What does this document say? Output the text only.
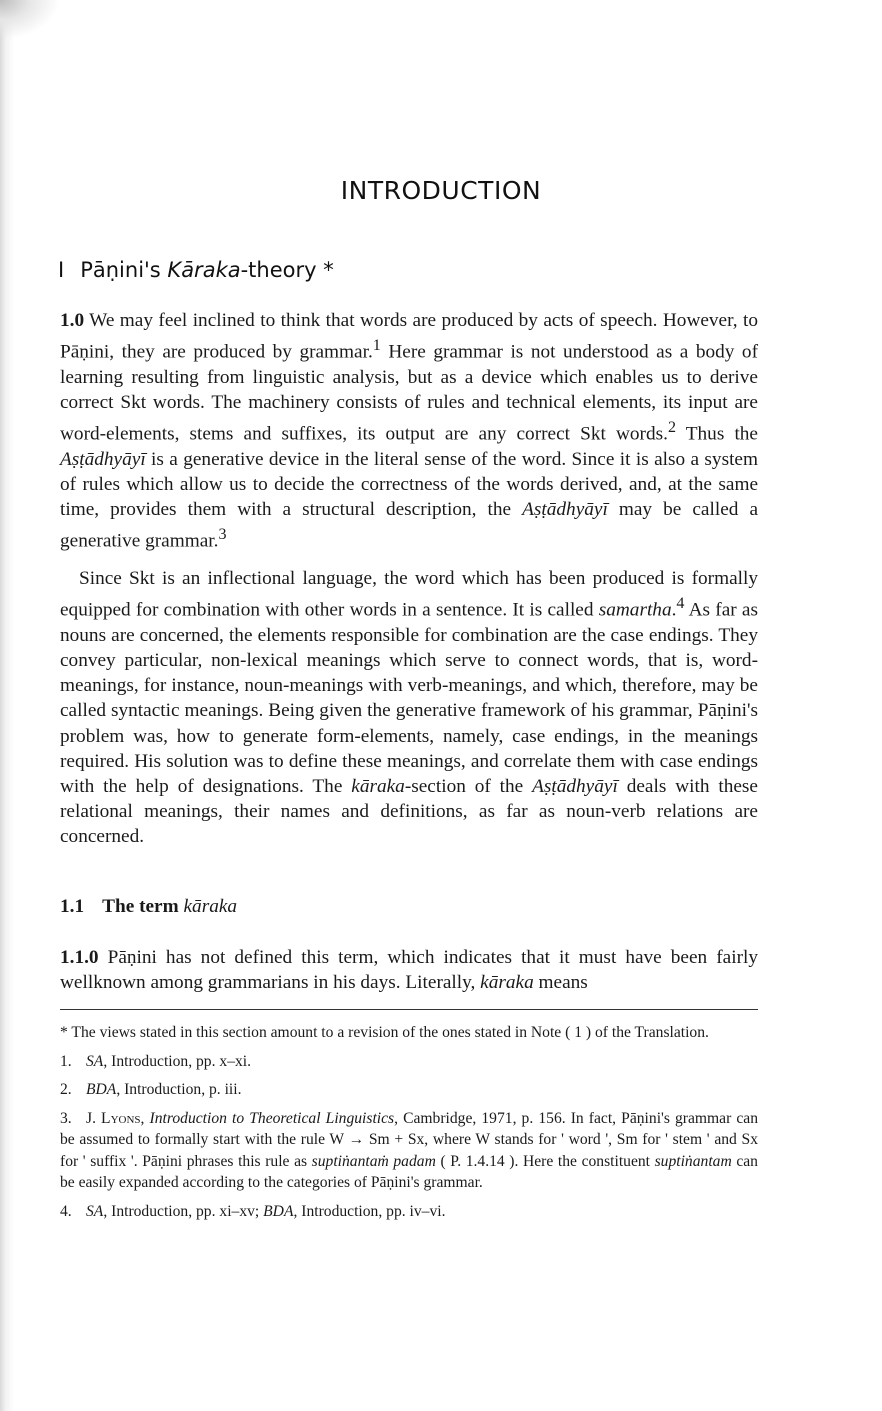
INTRODUCTION
I Pāṇini's Kāraka-theory *

1.0 We may feel inclined to think that words are produced by acts of speech. However, to Pāṇini, they are produced by grammar.$^1$ Here grammar is not understood as a body of learning resulting from linguistic analysis, but as a device which enables us to derive correct Skt words. The machinery consists of rules and technical elements, its input are word-elements, stems and suffixes, its output are any correct Skt words.$^2$ Thus the Aṣṭādhyāyī is a generative device in the literal sense of the word. Since it is also a system of rules which allow us to decide the correctness of the words derived, and, at the same time, provides them with a structural description, the Aṣṭādhyāyī may be called a generative grammar.$^3$

Since Skt is an inflectional language, the word which has been produced is formally equipped for combination with other words in a sentence. It is called samartha.$^4$ As far as nouns are concerned, the elements responsible for combination are the case endings. They convey particular, non-lexical meanings which serve to connect words, that is, word-meanings, for instance, noun-meanings with verb-meanings, and which, therefore, may be called syntactic meanings. Being given the generative framework of his grammar, Pāṇini's problem was, how to generate form-elements, namely, case endings, in the meanings required. His solution was to define these meanings, and correlate them with case endings with the help of designations. The kāraka-section of the Aṣṭādhyāyī deals with these relational meanings, their names and definitions, as far as noun-verb relations are concerned.

1.1 The term kāraka

1.1.0 Pāṇini has not defined this term, which indicates that it must have been fairly wellknown among grammarians in his days. Literally, kāraka means

* The views stated in this section amount to a revision of the ones stated in Note ( 1 ) of the Translation.

1. SA, Introduction, pp. x–xi.

2. BDA, Introduction, p. iii.

3. J. Lyons, Introduction to Theoretical Linguistics, Cambridge, 1971, p. 156. In fact, Pāṇini's grammar can be assumed to formally start with the rule W → Sm + Sx, where W stands for ' word ', Sm for ' stem ' and Sx for ' suffix '. Pāṇini phrases this rule as suptiṅantaṁ padam ( P. 1.4.14 ). Here the constituent suptiṅantam can be easily expanded according to the categories of Pāṇini's grammar.

4. SA, Introduction, pp. xi–xv; BDA, Introduction, pp. iv–vi.
